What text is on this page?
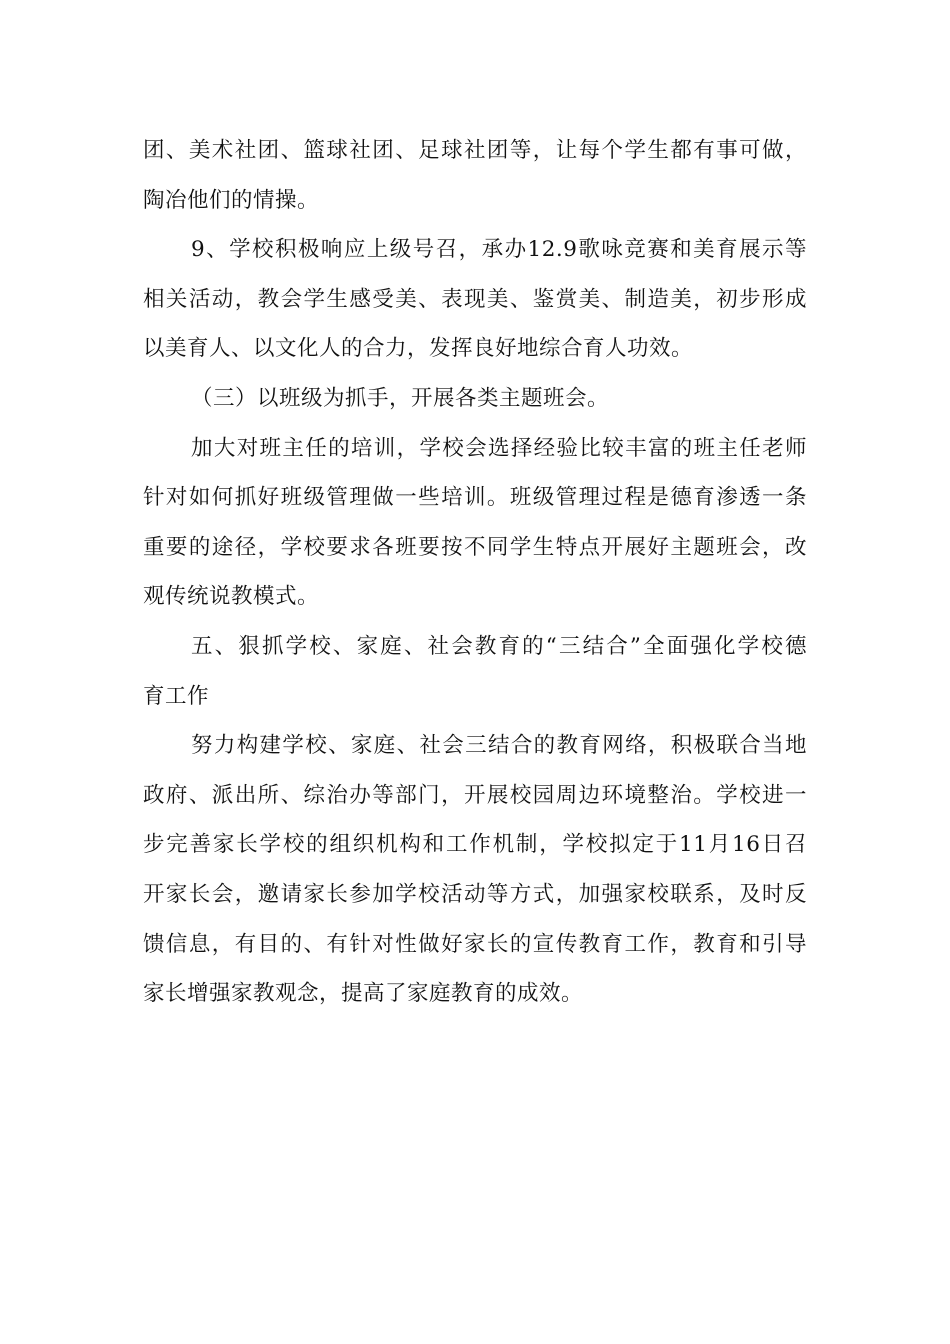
团、美术社团、篮球社团、足球社团等，让每个学生都有事可做，
陶冶他们的情操。
9、学校积极响应上级号召，承办12.9歌咏竞赛和美育展示等
相关活动，教会学生感受美、表现美、鉴赏美、制造美，初步形成
以美育人、以文化人的合力，发挥良好地综合育人功效。
（三）以班级为抓手，开展各类主题班会。
加大对班主任的培训，学校会选择经验比较丰富的班主任老师
针对如何抓好班级管理做一些培训。班级管理过程是德育渗透一条
重要的途径，学校要求各班要按不同学生特点开展好主题班会，改
观传统说教模式。
五、狠抓学校、家庭、社会教育的“三结合”全面强化学校德
育工作
努力构建学校、家庭、社会三结合的教育网络，积极联合当地
政府、派出所、综治办等部门，开展校园周边环境整治。学校进一
步完善家长学校的组织机构和工作机制，学校拟定于11月16日召
开家长会，邀请家长参加学校活动等方式，加强家校联系，及时反
馈信息，有目的、有针对性做好家长的宣传教育工作，教育和引导
家长增强家教观念，提高了家庭教育的成效。
